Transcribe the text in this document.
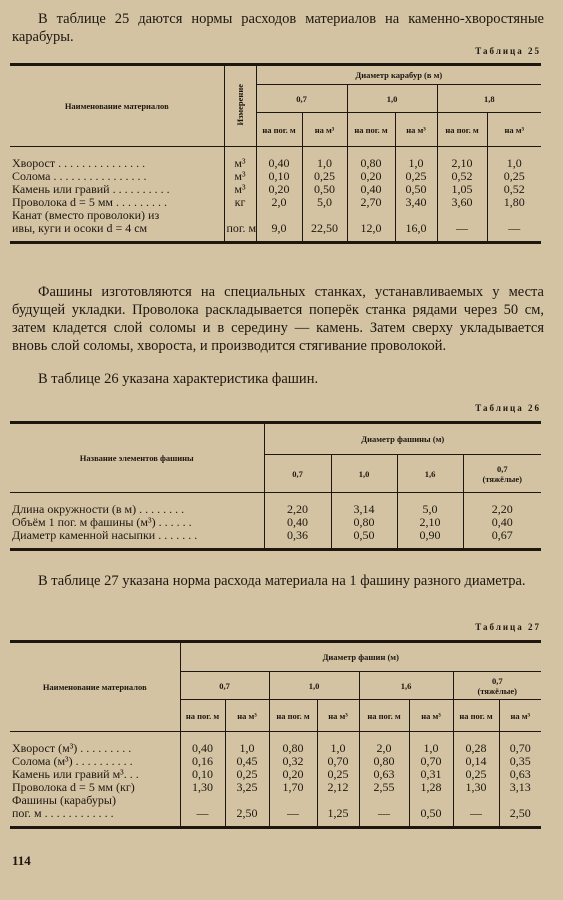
В таблице 25 даются нормы расходов материалов на каменно-хворостяные карабуры.
Таблица 25
Наименование материалов	Измерение	Диаметр карабур (в м)					
		0,7		1,0		1,8	
		на пог. м	на м³	на пог. м	на м³	на пог. м	на м³
Хворост . . . . . . . . . . . . . . .	м³	0,40	1,0	0,80	1,0	2,10	1,0
Солома . . . . . . . . . . . . . . . .	м³	0,10	0,25	0,20	0,25	0,52	0,25
Камень или гравий . . . . . . . . . .	м³	0,20	0,50	0,40	0,50	1,05	0,52
Проволока d = 5 мм . . . . . . . . .	кг	2,0	5,0	2,70	3,40	3,60	1,80
Канат (вместо проволоки) из							
ивы, куги и осоки d = 4 см	пог. м	9,0	22,50	12,0	16,0	—	—
Фашины изготовляются на специальных станках, устанавливаемых у места будущей укладки. Проволока раскладывается поперёк станка рядами через 50 см, затем кладется слой соломы и в середину — камень. Затем сверху укладывается вновь слой соломы, хвороста, и производится стягивание проволокой.
В таблице 26 указана характеристика фашин.
Таблица 26
Название элементов фашины	Диаметр фашины (м)			
	0,7	1,0	1,6	0,7
(тяжёлые)
Длина окружности (в м) . . . . . . . .	2,20	3,14	5,0	2,20
Объём 1 пог. м фашины (м³) . . . . . .	0,40	0,80	2,10	0,40
Диаметр каменной насыпки . . . . . . .	0,36	0,50	0,90	0,67
В таблице 27 указана норма расхода материала на 1 фашину разного диаметра.
Таблица 27
Наименование материалов	Диаметр фашин (м)							
	0,7		1,0		1,6		0,7
(тяжёлые)	
	на пог. м	на м³	на пог. м	на м³	на пог. м	на м³	на пог. м	на м³
Хворост (м³) . . . . . . . . .	0,40	1,0	0,80	1,0	2,0	1,0	0,28	0,70
Солома (м³) . . . . . . . . . .	0,16	0,45	0,32	0,70	0,80	0,70	0,14	0,35
Камень или гравий м³. . .	0,10	0,25	0,20	0,25	0,63	0,31	0,25	0,63
Проволока d = 5 мм (кг)	1,30	3,25	1,70	2,12	2,55	1,28	1,30	3,13
Фашины (карабуры)								
пог. м . . . . . . . . . . . .	—	2,50	—	1,25	—	0,50	—	2,50
114
